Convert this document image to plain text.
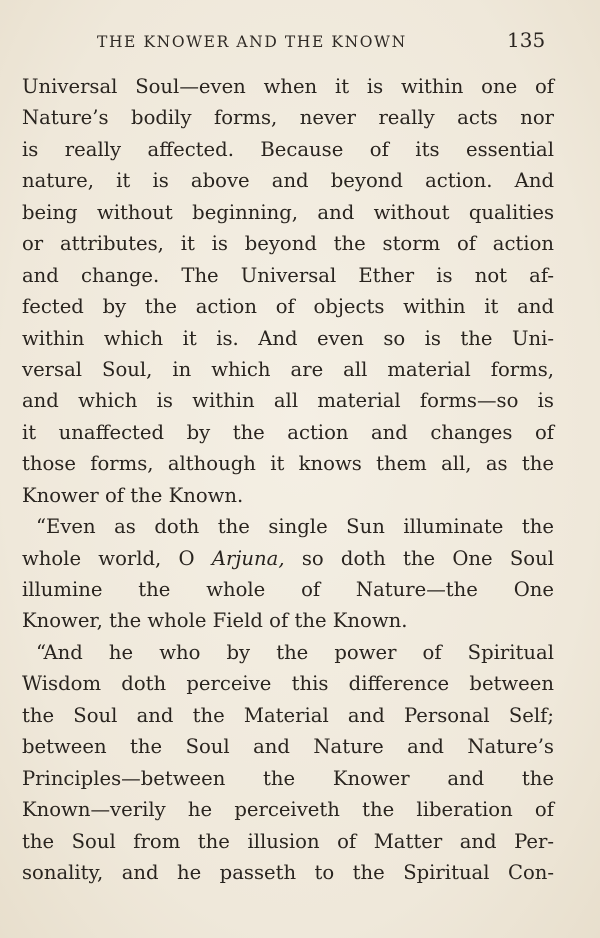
THE KNOWER AND THE KNOWN	135
Universal Soul—even when it is within one of
Nature’s bodily forms, never really acts nor
is really affected. Because of its essential
nature, it is above and beyond action. And
being without beginning, and without qualities
or attributes, it is beyond the storm of action
and change. The Universal Ether is not af-
fected by the action of objects within it and
within which it is. And even so is the Uni-
versal Soul, in which are all material forms,
and which is within all material forms—so is
it unaffected by the action and changes of
those forms, although it knows them all, as the
Knower of the Known.
“Even as doth the single Sun illuminate the
whole world, O Arjuna, so doth the One Soul
illumine the whole of Nature—the One
Knower, the whole Field of the Known.
“And he who by the power of Spiritual
Wisdom doth perceive this difference between
the Soul and the Material and Personal Self;
between the Soul and Nature and Nature’s
Principles—between the Knower and the
Known—verily he perceiveth the liberation of
the Soul from the illusion of Matter and Per-
sonality, and he passeth to the Spiritual Con-
